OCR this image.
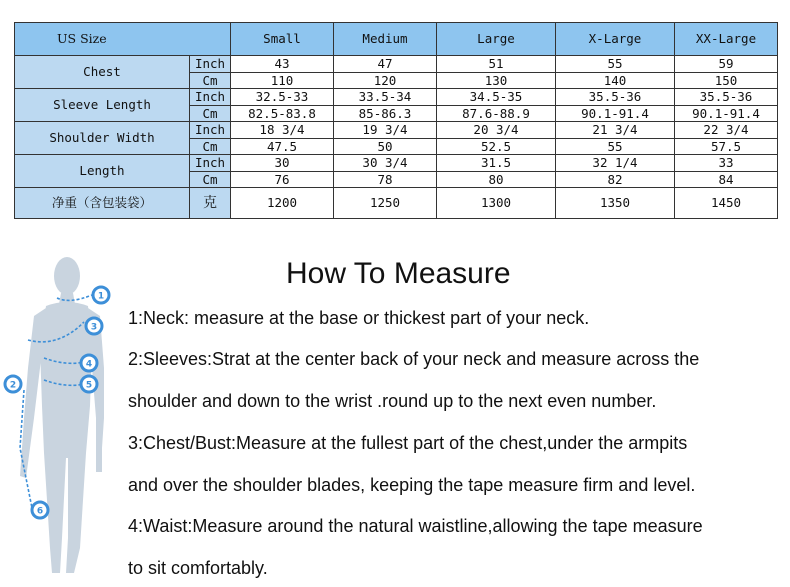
US Size		Small	Medium	Large	X-Large	XX-Large
Chest	Inch	43	47	51	55	59
	Cm	110	120	130	140	150
Sleeve Length	Inch	32.5-33	33.5-34	34.5-35	35.5-36	35.5-36
	Cm	82.5-83.8	85-86.3	87.6-88.9	90.1-91.4	90.1-91.4
Shoulder Width	Inch	18 3/4	19 3/4	20 3/4	21 3/4	22 3/4
	Cm	47.5	50	52.5	55	57.5
Length	Inch	30	30 3/4	31.5	32 1/4	33
	Cm	76	78	80	82	84
净重（含包装袋）	克	1200	1250	1300	1350	1450
How To Measure
1:Neck: measure at the base or thickest part of your neck.
2:Sleeves:Strat at the center back of your neck and measure across the
shoulder and down to the wrist .round up to the next even number.
3:Chest/Bust:Measure at the fullest part of the chest,under the armpits
and over the shoulder blades, keeping the tape measure firm and level.
4:Waist:Measure around the natural waistline,allowing the tape measure
to sit comfortably.
1
2
3
4
5
6
